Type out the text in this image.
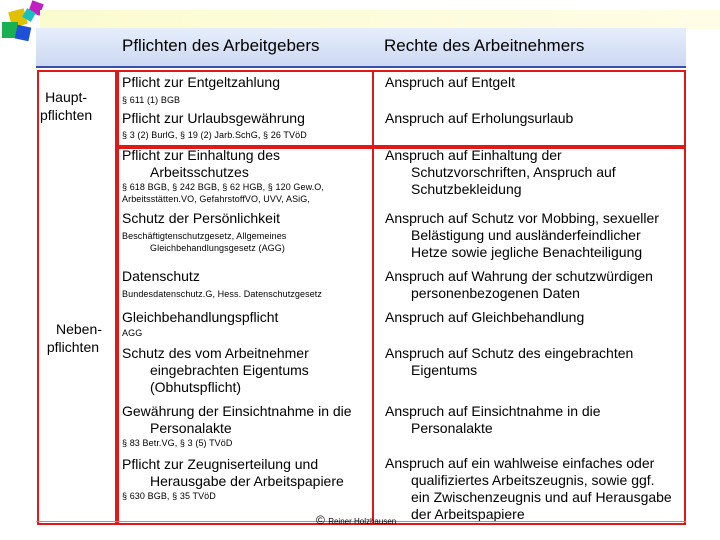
Pflichten des Arbeitgebers	Rechte des Arbeitnehmers
Haupt-
pflichten
Neben-
pflichten
Pflicht zur Entgeltzahlung
§ 611 (1) BGB
Anspruch auf Entgelt
Pflicht zur Urlaubsgewährung
§ 3 (2) BurlG, § 19 (2) Jarb.SchG, § 26 TVöD
Anspruch auf Erholungsurlaub
Pflicht zur Einhaltung des
Arbeitsschutzes
§ 618 BGB, § 242 BGB, § 62 HGB, § 120 Gew.O,
Arbeitsstätten.VO, GefahrstoffVO, UVV, ASiG,
Anspruch auf Einhaltung der
Schutzvorschriften, Anspruch auf
Schutzbekleidung
Schutz der Persönlichkeit
Beschäftigtenschutzgesetz, Allgemeines
Gleichbehandlungsgesetz (AGG)
Anspruch auf Schutz vor Mobbing, sexueller
Belästigung und ausländerfeindlicher
Hetze sowie jegliche Benachteiligung
Datenschutz
Bundesdatenschutz.G, Hess. Datenschutzgesetz
Anspruch auf Wahrung der schutzwürdigen
personenbezogenen Daten
Gleichbehandlungspflicht
AGG
Anspruch auf Gleichbehandlung
Schutz des vom Arbeitnehmer
eingebrachten Eigentums
(Obhutspflicht)
Anspruch auf Schutz des eingebrachten
Eigentums
Gewährung der Einsichtnahme in die
Personalakte
§ 83 Betr.VG, § 3 (5) TVöD
Anspruch auf Einsichtnahme in die
Personalakte
Pflicht zur Zeugniserteilung und
Herausgabe der Arbeitspapiere
§ 630 BGB, § 35 TVöD
Anspruch auf ein wahlweise einfaches oder
qualifiziertes Arbeitszeugnis, sowie ggf.
ein Zwischenzeugnis und auf Herausgabe
der Arbeitspapiere
© Reiner Holzhausen
